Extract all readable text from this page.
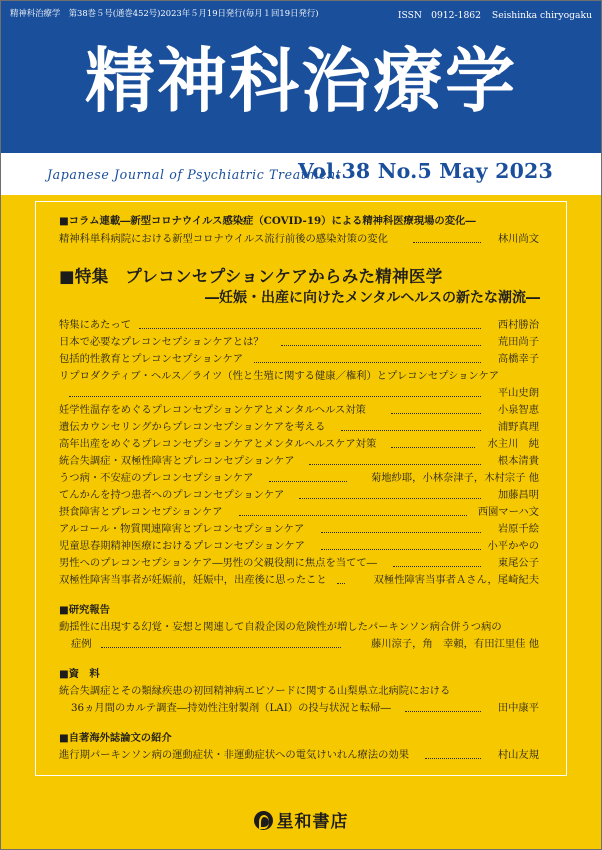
精神科治療学　第38巻５号(通巻452号)2023年５月19日発行(毎月１回19日発行)	ISSN　0912-1862 Seishinka chiryogaku
精神科治療学
Japanese Journal of Psychiatric Treatment
Vol.38 No.5 May 2023
■コラム連載―新型コロナウイルス感染症（COVID-19）による精神科医療現場の変化―
精神科単科病院における新型コロナウイルス流行前後の感染対策の変化	林川尚文
■特集　プレコンセプションケアからみた精神医学
―妊娠・出産に向けたメンタルヘルスの新たな潮流―
特集にあたって	西村勝治
日本で必要なプレコンセプションケアとは？	荒田尚子
包括的性教育とプレコンセプションケア	高橋幸子
リプロダクティブ・ヘルス／ライツ（性と生殖に関する健康／権利）とプレコンセプションケア
平山史朗
妊学性温存をめぐるプレコンセプションケアとメンタルヘルス対策	小泉智恵
遺伝カウンセリングからプレコンセプションケアを考える	浦野真理
高年出産をめぐるプレコンセプションケアとメンタルヘルスケア対策	水主川　純
統合失調症・双極性障害とプレコンセプションケア	根本清貴
うつ病・不安症のプレコンセプションケア	菊地紗耶，小林奈津子，木村宗子 他
てんかんを持つ患者へのプレコンセプションケア	加藤昌明
摂食障害とプレコンセプションケア	西園マーハ文
アルコール・物質関連障害とプレコンセプションケア	岩原千絵
児童思春期精神医療におけるプレコンセプションケア	小平かやの
男性へのプレコンセプションケア―男性の父親役割に焦点を当てて―	東尾公子
双極性障害当事者が妊娠前，妊娠中，出産後に思ったこと	双極性障害当事者Ａさん，尾崎紀夫
■研究報告
動揺性に出現する幻覚・妄想と関連して自殺企図の危険性が増したパーキンソン病合併うつ病の
症例	藤川涼子，角　幸頼，有田江里佳 他
■資　料
統合失調症とその類縁疾患の初回精神病エピソードに関する山梨県立北病院における
36ヵ月間のカルテ調査―持効性注射製剤（LAI）の投与状況と転帰―	田中康平
■自著海外誌論文の紹介
進行期パーキンソン病の運動症状・非運動症状への電気けいれん療法の効果	村山友規
星和書店
